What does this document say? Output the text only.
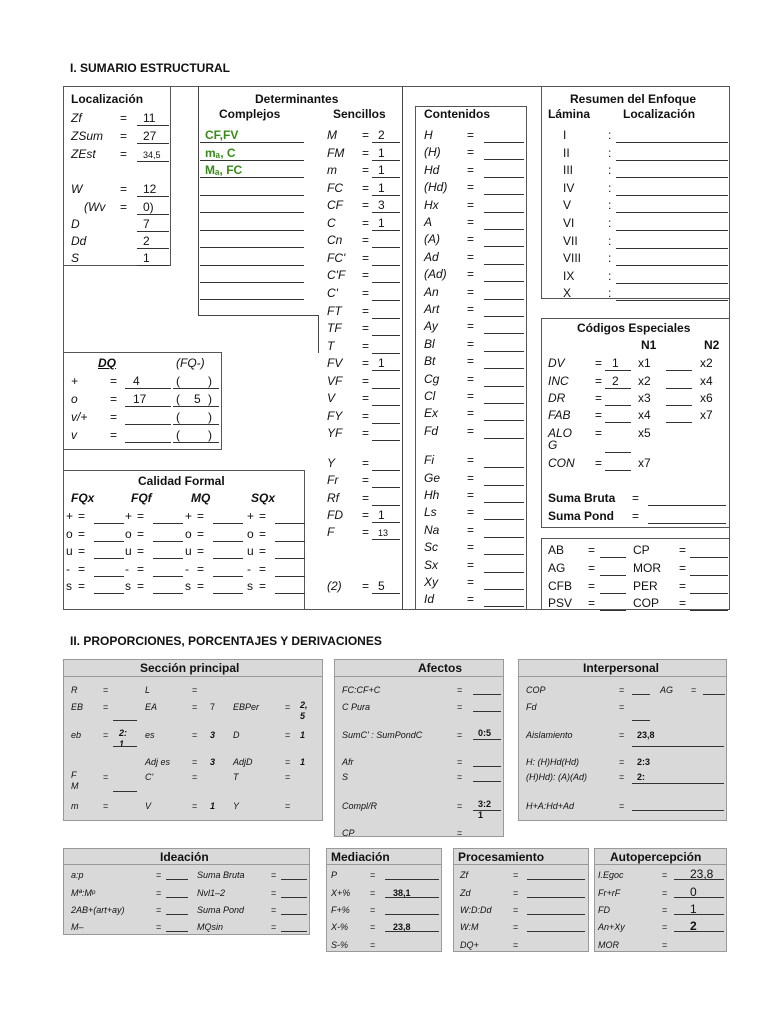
I. SUMARIO ESTRUCTURAL
Localización
Zf	= 11
ZSum = 27
ZEst = 34,5
W	= 12
(Wv = 0)
D	7
Dd	2
S	1
Determinantes
Complejos	Sencillos
CF,FV
mₐ, C
Mₐ, FC
M = 2
FM = 1
m = 1
FC = 1
CF = 3
C = 1
Cn =
FC' =
C'F =
C' =
FT =
TF =
T =
FV = 1
VF =
V =
FY =
YF =
Y =
Fr =
Rf =
FD = 1
F = 13
(2) = 5
Contenidos
H	=
(H) =
Hd =
(Hd) =
Hx =
A	=
(A) =
Ad =
(Ad) =
An =
Art =
Ay =
Bl	=
Bt	=
Cg =
Cl	=
Ex =
Fd =
Fi	=
Ge =
Hh =
Ls	=
Na =
Sc =
Sx =
Xy =
Id	=
Resumen del Enfoque
Lámina	Localización
I	:
II	:
III	:
IV	:
V	:
VI	:
VII	:
VIII :
IX	:
X	:
Códigos Especiales
N1	N2
DV	= 1 x1	x2
INC = 2 x2	x4
DR =	x3	x6
FAB =	x4	x7
ALO
G
=	x5
CON =	x7
Suma Bruta =
Suma Pond =
AB =	CP =
AG =	MOR =
CFB =	PER =
PSV =	COP =
DQ	(FQ-)
+	= 4	( )
o	= 17 ( 5 )
v/+ =	( )
v	=	( )
Calidad Formal
FQx	FQf	MQ	SQx
+ =	+ =	+ =	+ =
o =	o =	o =	o =
u =	u =	u =	u =
- =	- =	- =	- =
s =	s =	s =	s =
II. PROPORCIONES, PORCENTAJES Y DERIVACIONES
Sección principal
R	=	L	=
EB =	EA	= 7 EBPer	= 2,
5
eb = 2:
1
es	= 3 D	= 1
Adj es = 3 AdjD	= 1
F
M
=	C'	=	T	=
m	=	V	= 1 Y	=
Afectos
FC:CF+C	=
C Pura	=
SumC' : SumPondC	= 0:5
Afr	=
S	=
Compl/R	= 3:2
1
CP	=
Interpersonal
COP	=	AG =
Fd	=
Aislamiento	= 23,8
H: (H)Hd(Hd)	= 2:3
(H)Hd): (A)(Ad)	= 2:
H+A:Hd+Ad	=
Ideación
a:p	=	Suma Bruta	=
Mª:Mᵖ	=	Nvl1–2	=
2AB+(art+ay)	=	Suma Pond	=
M–	=	MQsin	=
Mediación
P	=
X+% = 38,1
F+% =
X-% = 23,8
S-% =
Procesamiento
Zf	=
Zd	=
W:D:Dd =
W:M	=
DQ+	=
Autopercepción
I.Egoc	= 23,8
Fr+rF	= 0
FD	= 1
An+Xy	= 2
MOR	=
